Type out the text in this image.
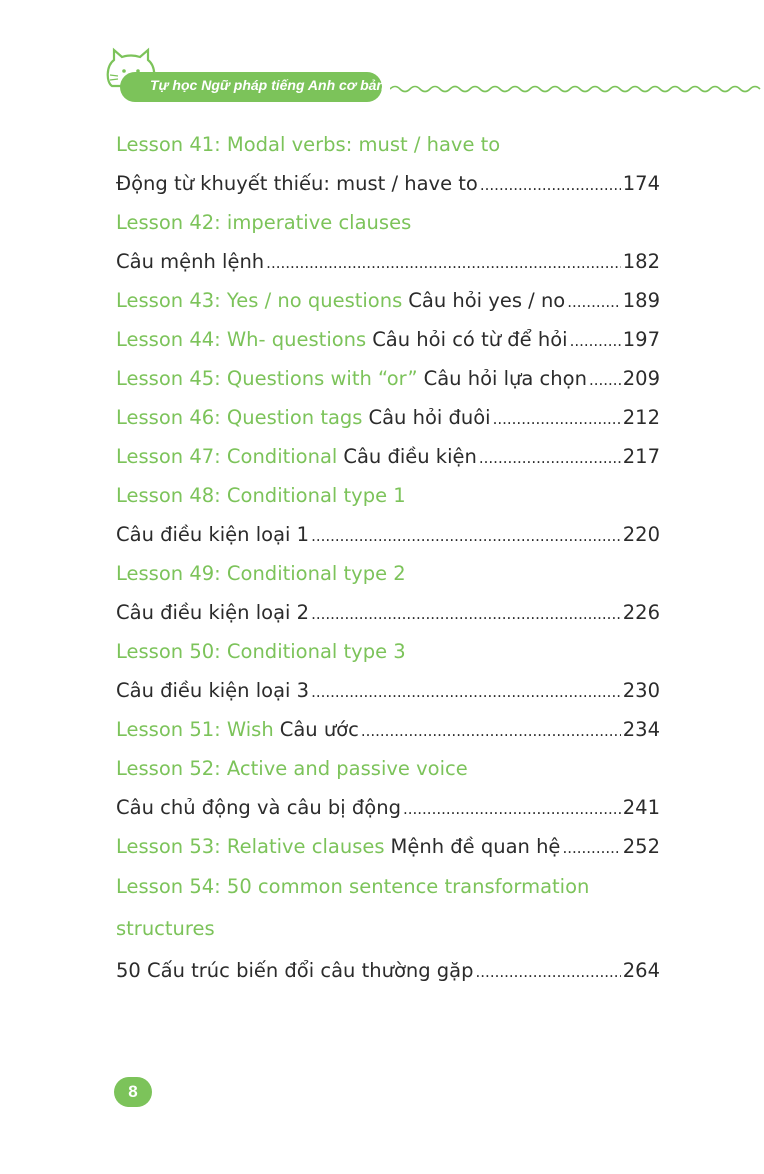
Tự học Ngữ pháp tiếng Anh cơ bản
Lesson 41: Modal verbs: must / have to
Động từ khuyết thiếu: must / have to .....	174
Lesson 42: imperative clauses
Câu mệnh lệnh .....	182
Lesson 43: Yes / no questions Câu hỏi yes / no .....	189
Lesson 44: Wh- questions Câu hỏi có từ để hỏi .....	197
Lesson 45: Questions with “or” Câu hỏi lựa chọn ..... 209
Lesson 46: Question tags Câu hỏi đuôi .....	212
Lesson 47: Conditional Câu điều kiện .....	217
Lesson 48: Conditional type 1
Câu điều kiện loại 1 .....	220
Lesson 49: Conditional type 2
Câu điều kiện loại 2 .....	226
Lesson 50: Conditional type 3
Câu điều kiện loại 3 .....	230
Lesson 51: Wish Câu ước .....	234
Lesson 52: Active and passive voice
Câu chủ động và câu bị động .....	241
Lesson 53: Relative clauses Mệnh đề quan hệ .....	252
Lesson 54: 50 common sentence transformation
structures
50 Cấu trúc biến đổi câu thường gặp .....	264
8
